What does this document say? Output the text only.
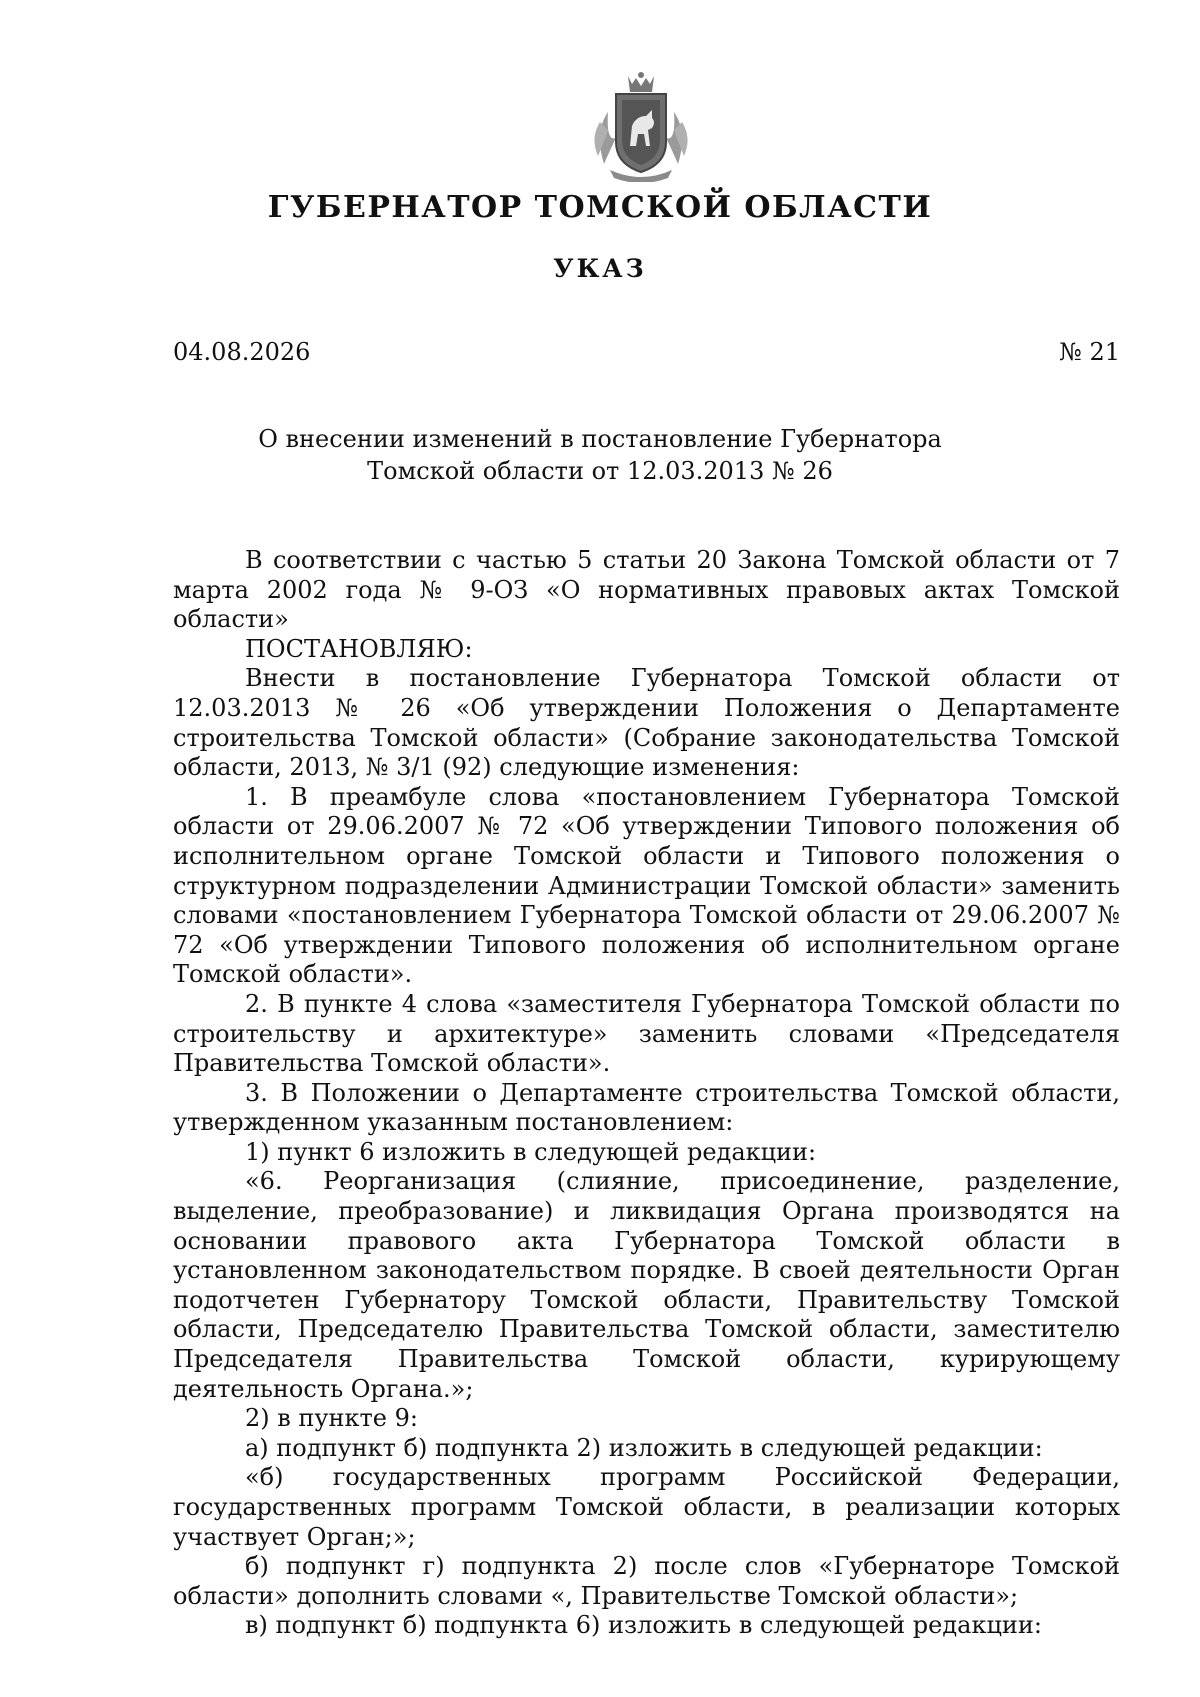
ГУБЕРНАТОР ТОМСКОЙ ОБЛАСТИ
УКАЗ
04.08.2026	№ 21
О внесении изменений в постановление Губернатора
Томской области от 12.03.2013 № 26

В соответствии с частью 5 статьи 20 Закона Томской области от 7 марта 2002 года № 9-ОЗ «О нормативных правовых актах Томской области»

ПОСТАНОВЛЯЮ:

Внести в постановление Губернатора Томской области от 12.03.2013 № 26 «Об утверждении Положения о Департаменте строительства Томской области» (Собрание законодательства Томской области, 2013, № 3/1 (92) следующие изменения:

1. В преамбуле слова «постановлением Губернатора Томской области от 29.06.2007 № 72 «Об утверждении Типового положения об исполнительном органе Томской области и Типового положения о структурном подразделении Администрации Томской области» заменить словами «постановлением Губернатора Томской области от 29.06.2007 № 72 «Об утверждении Типового положения об исполнительном органе Томской области».

2. В пункте 4 слова «заместителя Губернатора Томской области по строительству и архитектуре» заменить словами «Председателя Правительства Томской области».

3. В Положении о Департаменте строительства Томской области, утвержденном указанным постановлением:

1) пункт 6 изложить в следующей редакции:

«6. Реорганизация (слияние, присоединение, разделение, выделение, преобразование) и ликвидация Органа производятся на основании правового акта Губернатора Томской области в установленном законодательством порядке. В своей деятельности Орган подотчетен Губернатору Томской области, Правительству Томской области, Председателю Правительства Томской области, заместителю Председателя Правительства Томской области, курирующему деятельность Органа.»;

2) в пункте 9:

а) подпункт б) подпункта 2) изложить в следующей редакции:

«б) государственных программ Российской Федерации, государственных программ Томской области, в реализации которых участвует Орган;»;

б) подпункт г) подпункта 2) после слов «Губернаторе Томской области» дополнить словами «, Правительстве Томской области»;

в) подпункт б) подпункта 6) изложить в следующей редакции:
